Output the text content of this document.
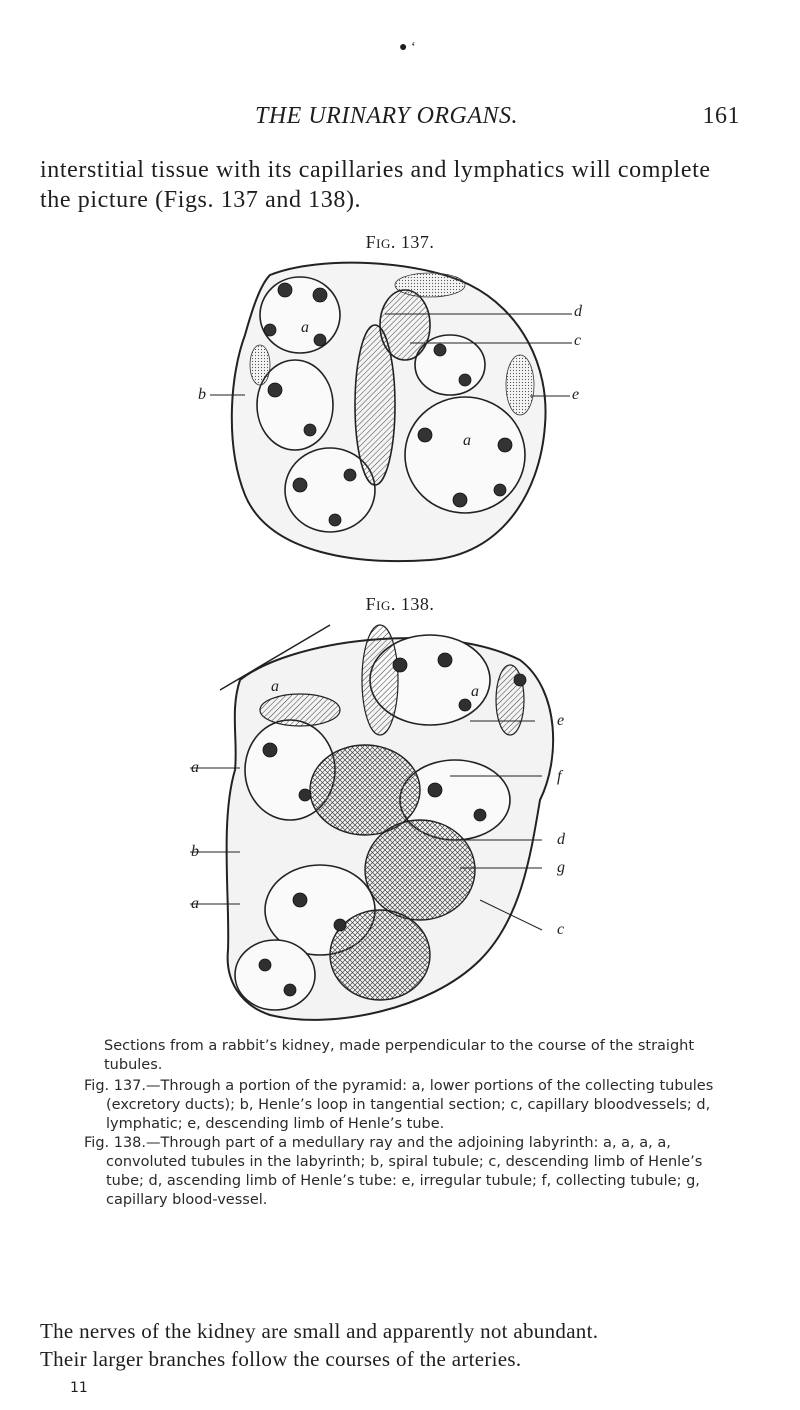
● ‘
THE URINARY ORGANS.	161
interstitial tissue with its capillaries and lymphatics will complete
the picture (Figs. 137 and 138).
Fig. 137.
d
c
e
b
a
a
Fig. 138.
a	a
e
f
a
d
b
g
a
c

Sections from a rabbit’s kidney, made perpendicular to the course of the straight tubules.

Fig. 137.—Through a portion of the pyramid: a, lower portions of the collecting tubules (excretory ducts); b, Henle’s loop in tangential section; c, capillary bloodvessels; d, lymphatic; e, descending limb of Henle’s tube.

Fig. 138.—Through part of a medullary ray and the adjoining labyrinth: a, a, a, a, convoluted tubules in the labyrinth; b, spiral tubule; c, descending limb of Henle’s tube; d, ascending limb of Henle’s tube: e, irregular tubule; f, collecting tubule; g, capillary blood-vessel.

The nerves of the kidney are small and apparently not abundant.
Their larger branches follow the courses of the arteries.
11
